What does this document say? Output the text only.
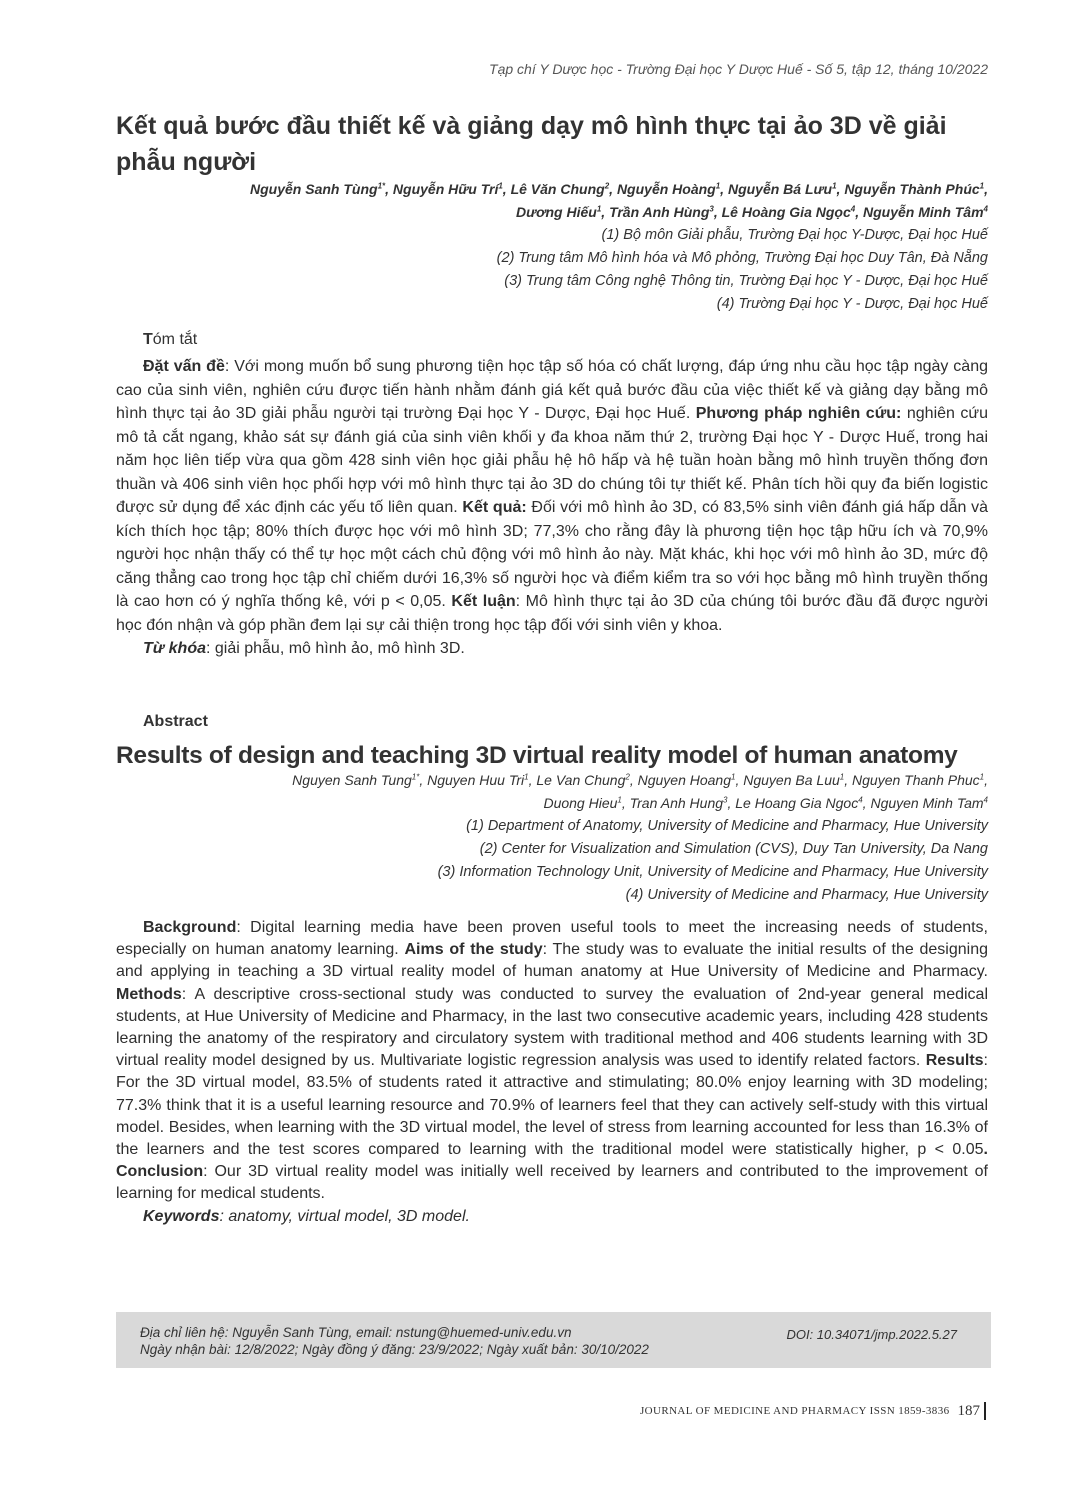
Tạp chí Y Dược học - Trường Đại học Y Dược Huế - Số 5, tập 12, tháng 10/2022
Kết quả bước đầu thiết kế và giảng dạy mô hình thực tại ảo 3D về giải phẫu người
Nguyễn Sanh Tùng$^{1*}$, Nguyễn Hữu Trí$^1$, Lê Văn Chung$^2$, Nguyễn Hoàng$^1$, Nguyễn Bá Lưu$^1$, Nguyễn Thành Phúc$^1$,
Dương Hiếu$^1$, Trần Anh Hùng$^3$, Lê Hoàng Gia Ngọc$^4$, Nguyễn Minh Tâm$^4$
(1) Bộ môn Giải phẫu, Trường Đại học Y-Dược, Đại học Huế
(2) Trung tâm Mô hình hóa và Mô phỏng, Trường Đại học Duy Tân, Đà Nẵng
(3) Trung tâm Công nghệ Thông tin, Trường Đại học Y - Dược, Đại học Huế
(4) Trường Đại học Y - Dược, Đại học Huế
Tóm tắt
Đặt vấn đề: Với mong muốn bổ sung phương tiện học tập số hóa có chất lượng, đáp ứng nhu cầu học tập ngày càng cao của sinh viên, nghiên cứu được tiến hành nhằm đánh giá kết quả bước đầu của việc thiết kế và giảng dạy bằng mô hình thực tại ảo 3D giải phẫu người tại trường Đại học Y - Dược, Đại học Huế. Phương pháp nghiên cứu: nghiên cứu mô tả cắt ngang, khảo sát sự đánh giá của sinh viên khối y đa khoa năm thứ 2, trường Đại học Y - Dược Huế, trong hai năm học liên tiếp vừa qua gồm 428 sinh viên học giải phẫu hệ hô hấp và hệ tuần hoàn bằng mô hình truyền thống đơn thuần và 406 sinh viên học phối hợp với mô hình thực tại ảo 3D do chúng tôi tự thiết kế. Phân tích hồi quy đa biến logistic được sử dụng để xác định các yếu tố liên quan. Kết quả: Đối với mô hình ảo 3D, có 83,5% sinh viên đánh giá hấp dẫn và kích thích học tập; 80% thích được học với mô hình 3D; 77,3% cho rằng đây là phương tiện học tập hữu ích và 70,9% người học nhận thấy có thể tự học một cách chủ động với mô hình ảo này. Mặt khác, khi học với mô hình ảo 3D, mức độ căng thẳng cao trong học tập chỉ chiếm dưới 16,3% số người học và điểm kiểm tra so với học bằng mô hình truyền thống là cao hơn có ý nghĩa thống kê, với p < 0,05. Kết luận: Mô hình thực tại ảo 3D của chúng tôi bước đầu đã được người học đón nhận và góp phần đem lại sự cải thiện trong học tập đối với sinh viên y khoa.
Từ khóa: giải phẫu, mô hình ảo, mô hình 3D.
Abstract
Results of design and teaching 3D virtual reality model of human anatomy
Nguyen Sanh Tung$^{1*}$, Nguyen Huu Tri$^1$, Le Van Chung$^2$, Nguyen Hoang$^1$, Nguyen Ba Luu$^1$, Nguyen Thanh Phuc$^1$,
Duong Hieu$^1$, Tran Anh Hung$^3$, Le Hoang Gia Ngoc$^4$, Nguyen Minh Tam$^4$
(1) Department of Anatomy, University of Medicine and Pharmacy, Hue University
(2) Center for Visualization and Simulation (CVS), Duy Tan University, Da Nang
(3) Information Technology Unit, University of Medicine and Pharmacy, Hue University
(4) University of Medicine and Pharmacy, Hue University
Background: Digital learning media have been proven useful tools to meet the increasing needs of students, especially on human anatomy learning. Aims of the study: The study was to evaluate the initial results of the designing and applying in teaching a 3D virtual reality model of human anatomy at Hue University of Medicine and Pharmacy. Methods: A descriptive cross-sectional study was conducted to survey the evaluation of 2nd-year general medical students, at Hue University of Medicine and Pharmacy, in the last two consecutive academic years, including 428 students learning the anatomy of the respiratory and circulatory system with traditional method and 406 students learning with 3D virtual reality model designed by us. Multivariate logistic regression analysis was used to identify related factors. Results: For the 3D virtual model, 83.5% of students rated it attractive and stimulating; 80.0% enjoy learning with 3D modeling; 77.3% think that it is a useful learning resource and 70.9% of learners feel that they can actively self-study with this virtual model. Besides, when learning with the 3D virtual model, the level of stress from learning accounted for less than 16.3% of the learners and the test scores compared to learning with the traditional model were statistically higher, p < 0.05. Conclusion: Our 3D virtual reality model was initially well received by learners and contributed to the improvement of learning for medical students.
Keywords: anatomy, virtual model, 3D model.
Địa chỉ liên hệ: Nguyễn Sanh Tùng, email: nstung@huemed-univ.edu.vn
Ngày nhận bài: 12/8/2022; Ngày đồng ý đăng: 23/9/2022; Ngày xuất bản: 30/10/2022
DOI: 10.34071/jmp.2022.5.27
JOURNAL OF MEDICINE AND PHARMACY ISSN 1859-3836 187
